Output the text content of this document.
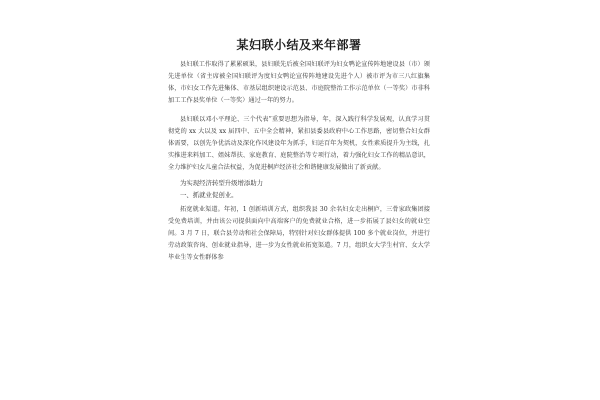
某妇联小结及来年部署

县妇联工作取得了累累硕果，县妇联先后被全国妇联评为妇女鸭论宣传阵地建设县（市）颁先进单位（省主席被全国妇联评为度妇女鸭论宣传阵地建设先进个人）被市评为市三八红旗集体，市妇女工作先进集体、市基层组织建设示范县、市庭院整治工作示范单位（一等奖）市非科加工工作县奖单位（一等奖）通过一年的努力。

县妇联以邓小平理论、三个代表”重要思想为指导，年，深入践行科学发展观，认真学习贯彻党的 xx 大以及 xx 届四中、五中全会精神，紧扣县委县政府中心工作思路，密切整合妇女群体需要，以创先争优活动及深化作风建设年为抓手，妇运百年为契机，女性素质提升为主线，扎实推进来料加工、姐妹帮扶、家庭教育、庭院整治等专项行动，着力强化妇女工作的精品意识，全力维护妇女儿童合法权益，为促进桐庐经济社会和谐健康发展做出了新贡献。

为实现经济转型升级增添助力
一、抓就业促创业。

拓宽就业渠道。年初，1 创新培训方式，组织我县 30 余名妇女走出桐庐，三骨家政集团接受免费培训，并由该公司提供面向中高端客户的免费就业合格，进一步拓展了县妇女的就业空间。3 月 7 日，联合县劳动和社会保障局，特别针对妇女群体提供 100 多个就业岗位，并进行劳动政策咨询、创业就业指导，进一步为女性就业拓宽渠道。7 月，组织女大学生村官、女大学毕业生等女性群体参
